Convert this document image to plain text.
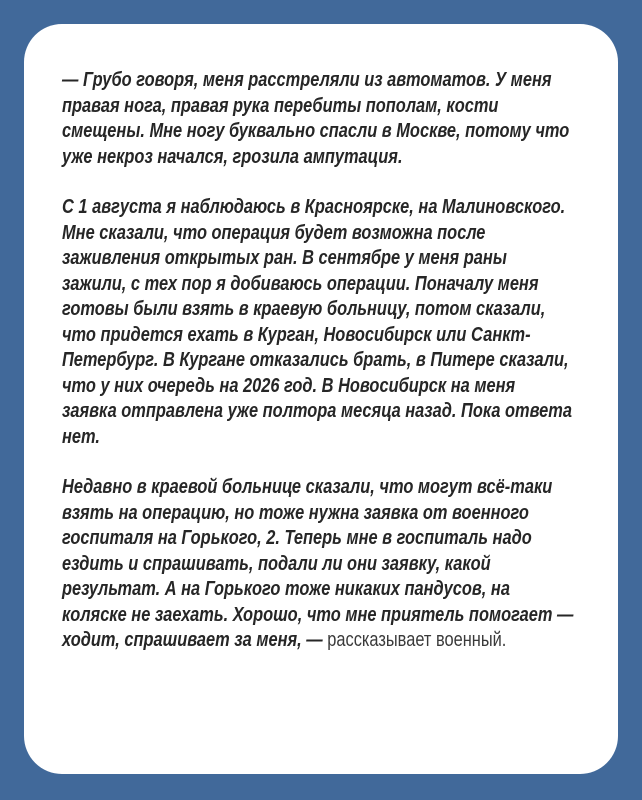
— Грубо говоря, меня расстреляли из автоматов. У меня правая нога, правая рука перебиты пополам, кости смещены. Мне ногу буквально спасли в Москве, потому что уже некроз начался, грозила ампутация.

С 1 августа я наблюдаюсь в Красноярске, на Малиновского. Мне сказали, что операция будет возможна после заживления открытых ран. В сентябре у меня раны зажили, с тех пор я добиваюсь операции. Поначалу меня готовы были взять в краевую больницу, потом сказали, что придется ехать в Курган, Новосибирск или Санкт-Петербург. В Кургане отказались брать, в Питере сказали, что у них очередь на 2026 год. В Новосибирск на меня заявка отправлена уже полтора месяца назад. Пока ответа нет.

Недавно в краевой больнице сказали, что могут всё-таки взять на операцию, но тоже нужна заявка от военного госпиталя на Горького, 2. Теперь мне в госпиталь надо ездить и спрашивать, подали ли они заявку, какой результат. А на Горького тоже никаких пандусов, на коляске не заехать. Хорошо, что мне приятель помогает — ходит, спрашивает за меня, — рассказывает военный.
